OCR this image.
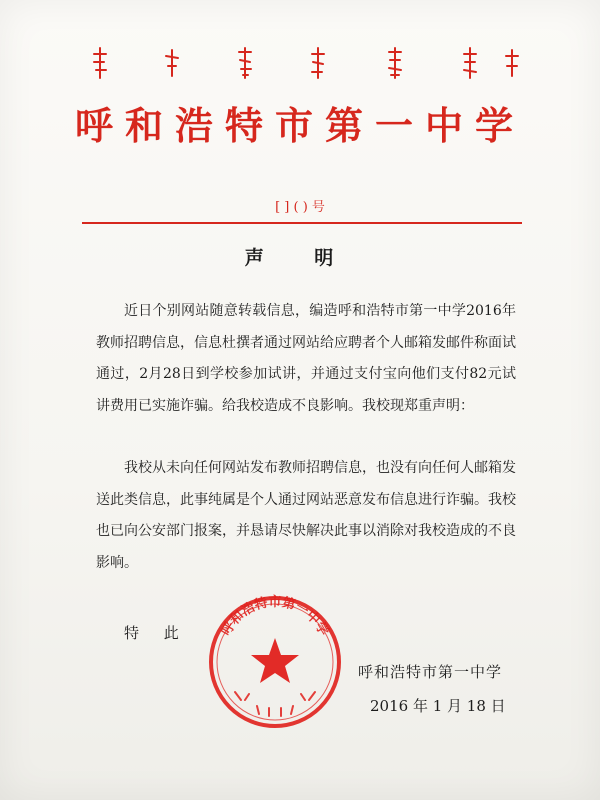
呼和浩特市第一中学
[ ] ( ) 号
声 明

近日个别网站随意转载信息，编造呼和浩特市第一中学2016年教师招聘信息，信息杜撰者通过网站给应聘者个人邮箱发邮件称面试通过，2月28日到学校参加试讲，并通过支付宝向他们支付82元试讲费用已实施诈骗。给我校造成不良影响。我校现郑重声明：

我校从未向任何网站发布教师招聘信息，也没有向任何人邮箱发送此类信息，此事纯属是个人通过网站恶意发布信息进行诈骗。我校也已向公安部门报案，并恳请尽快解决此事以消除对我校造成的不良影响。

特 此 呼和浩特市第一中学
呼和浩特市第一中学
2016 年 1 月 18 日
